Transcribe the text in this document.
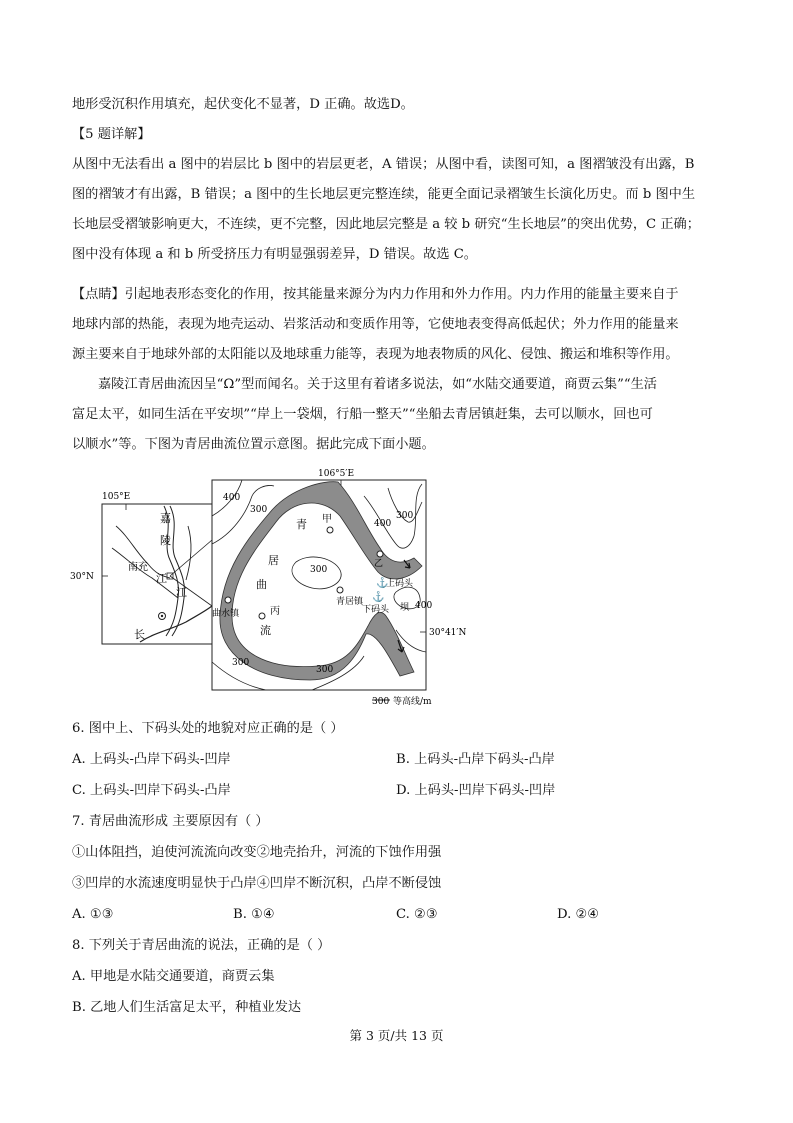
地形受沉积作用填充，起伏变化不显著，D 正确。故选D。
【5 题详解】
从图中无法看出 a 图中的岩层比 b 图中的岩层更老，A 错误；从图中看，读图可知，a 图褶皱没有出露，B
图的褶皱才有出露，B 错误；a 图中的生长地层更完整连续，能更全面记录褶皱生长演化历史。而 b 图中生
长地层受褶皱影响更大，不连续，更不完整，因此地层完整是 a 较 b 研究“生长地层”的突出优势，C 正确；
图中没有体现 a 和 b 所受挤压力有明显强弱差异，D 错误。故选 C。
【点睛】引起地表形态变化的作用，按其能量来源分为内力作用和外力作用。内力作用的能量主要来自于
地球内部的热能，表现为地壳运动、岩浆活动和变质作用等，它使地表变得高低起伏；外力作用的能量来
源主要来自于地球外部的太阳能以及地球重力能等，表现为地表物质的风化、侵蚀、搬运和堆积等作用。
嘉陵江青居曲流因呈“Ω”型而闻名。关于这里有着诸多说法，如“水陆交通要道，商贾云集”“生活
富足太平，如同生活在平安坝”“岸上一袋烟，行船一整天”“坐船去青居镇赶集，去可以顺水，回也可
以顺水”等。下图为青居曲流位置示意图。据此完成下面小题。
105°E
30°N
嘉
陵
江
江
长
南充
106°5′E
30°41′N
400
300
400
300
300
400
300
300
青
居
曲
流
甲
乙
丙
青居镇
曲水镇
⚓
上码头
⚓
下码头 坝
300 等高线/m
6. 图中上、下码头处的地貌对应正确的是（ ）
A. 上码头-凸岸下码头-凹岸	B. 上码头-凸岸下码头-凸岸
C. 上码头-凹岸下码头-凸岸	D. 上码头-凹岸下码头-凹岸
7. 青居曲流形成 主要原因有（ ）
①山体阻挡，迫使河流流向改变②地壳抬升，河流的下蚀作用强
③凹岸的水流速度明显快于凸岸④凹岸不断沉积，凸岸不断侵蚀
A. ①③	B. ①④	C. ②③	D. ②④
8. 下列关于青居曲流的说法，正确的是（ ）
A. 甲地是水陆交通要道，商贾云集
B. 乙地人们生活富足太平，种植业发达
第 3 页/共 13 页
